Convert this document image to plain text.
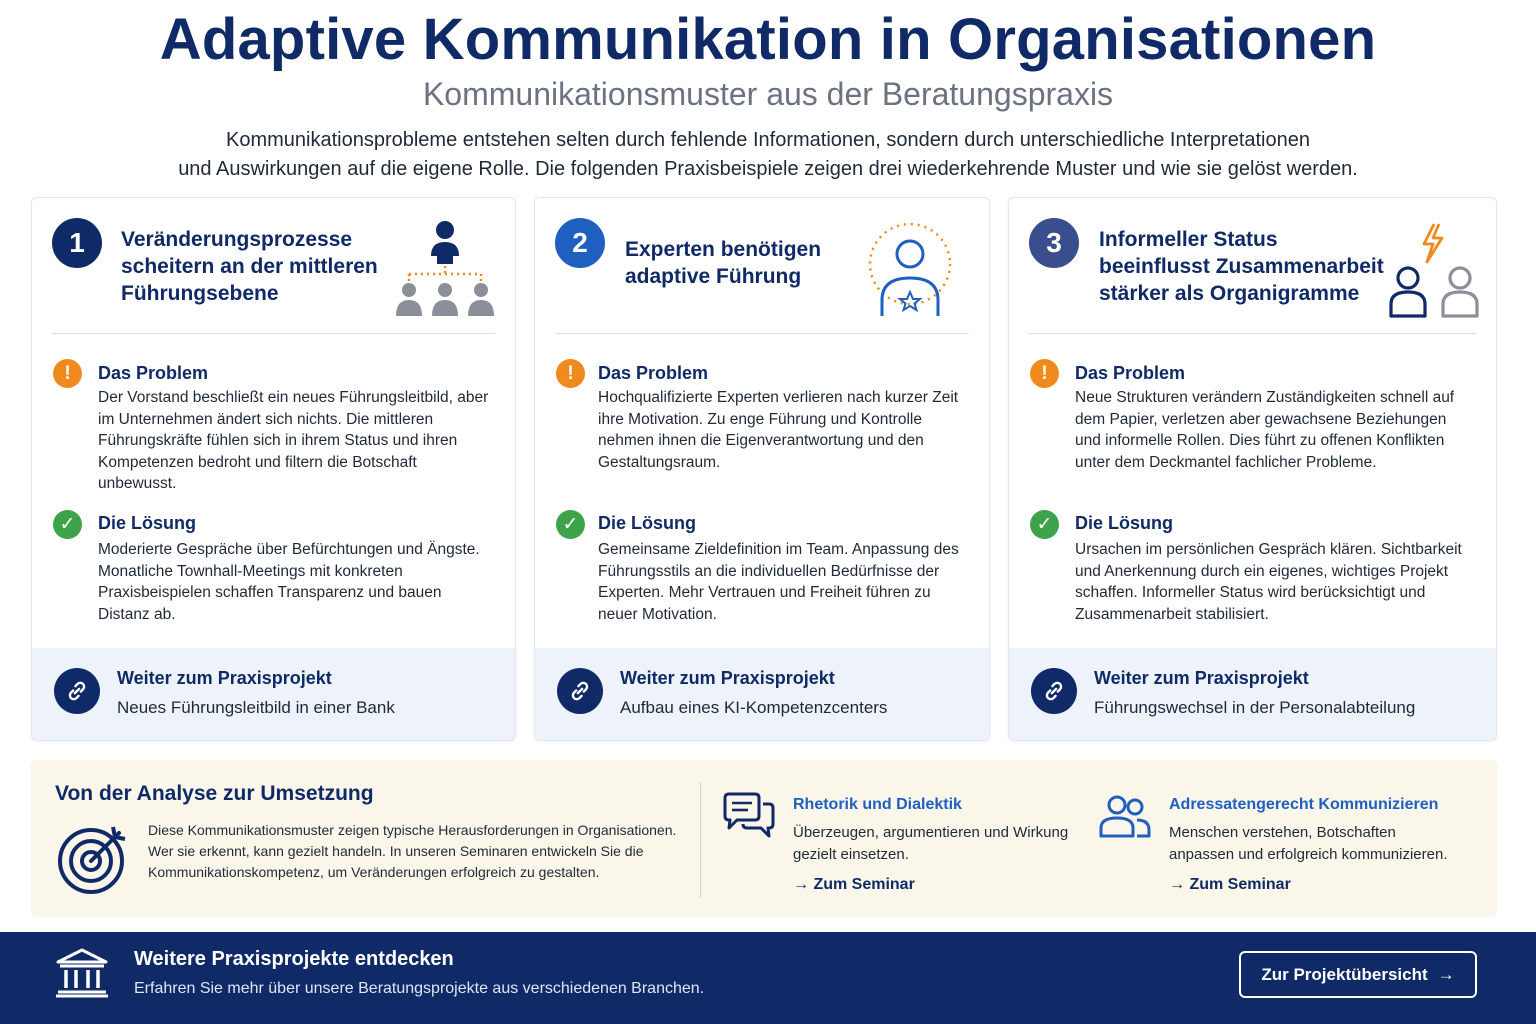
Adaptive Kommunikation in Organisationen
Kommunikationsmuster aus der Beratungspraxis
Kommunikationsprobleme entstehen selten durch fehlende Informationen, sondern durch unterschiedliche Interpretationen
und Auswirkungen auf die eigene Rolle. Die folgenden Praxisbeispiele zeigen drei wiederkehrende Muster und wie sie gelöst werden.
1	Veränderungsprozesse scheitern an der mittleren Führungsebene
!	Das Problem
Der Vorstand beschließt ein neues Führungsleitbild, aber im Unternehmen ändert sich nichts. Die mittleren Führungskräfte fühlen sich in ihrem Status und ihren Kompetenzen bedroht und filtern die Botschaft unbewusst.
✓	Die Lösung
Moderierte Gespräche über Befürchtungen und Ängste. Monatliche Townhall-Meetings mit konkreten Praxisbeispielen schaffen Transparenz und bauen Distanz ab.
Weiter zum Praxisprojekt
Neues Führungsleitbild in einer Bank
2	Experten benötigen adaptive Führung
!	Das Problem
Hochqualifizierte Experten verlieren nach kurzer Zeit ihre Motivation. Zu enge Führung und Kontrolle nehmen ihnen die Eigenverantwortung und den Gestaltungsraum.
✓	Die Lösung
Gemeinsame Zieldefinition im Team. Anpassung des Führungsstils an die individuellen Bedürfnisse der Experten. Mehr Vertrauen und Freiheit führen zu neuer Motivation.
Weiter zum Praxisprojekt
Aufbau eines KI-Kompetenzcenters
3	Informeller Status beeinflusst Zusammenarbeit stärker als Organigramme
!	Das Problem
Neue Strukturen verändern Zuständigkeiten schnell auf dem Papier, verletzen aber gewachsene Beziehungen und informelle Rollen. Dies führt zu offenen Konflikten unter dem Deckmantel fachlicher Probleme.
✓	Die Lösung
Ursachen im persönlichen Gespräch klären. Sichtbarkeit und Anerkennung durch ein eigenes, wichtiges Projekt schaffen. Informeller Status wird berücksichtigt und Zusammenarbeit stabilisiert.
Weiter zum Praxisprojekt
Führungswechsel in der Personalabteilung
Von der Analyse zur Umsetzung
Diese Kommunikationsmuster zeigen typische Herausforderungen in Organisationen. Wer sie erkennt, kann gezielt handeln. In unseren Seminaren entwickeln Sie die Kommunikationskompetenz, um Veränderungen erfolgreich zu gestalten.
Rhetorik und Dialektik
Überzeugen, argumentieren und Wirkung gezielt einsetzen.
→ Zum Seminar
Adressatengerecht Kommunizieren
Menschen verstehen, Botschaften anpassen und erfolgreich kommunizieren.
→ Zum Seminar
Weitere Praxisprojekte entdecken
Erfahren Sie mehr über unsere Beratungsprojekte aus verschiedenen Branchen.
Zur Projektübersicht →
